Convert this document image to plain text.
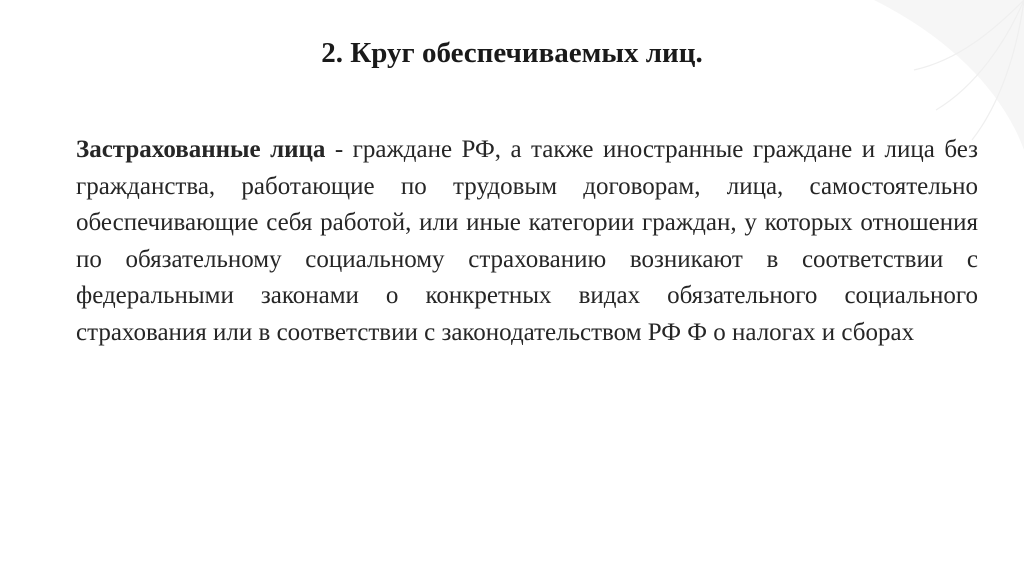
2. Круг обеспечиваемых лиц.

Застрахованные лица - граждане РФ, а также иностранные граждане и лица без гражданства, работающие по трудовым договорам, лица, самостоятельно обеспечивающие себя работой, или иные категории граждан, у которых отношения по обязательному социальному страхованию возникают в соответствии с федеральными законами о конкретных видах обязательного социального страхования или в соответствии с законодательством РФ Ф о налогах и сборах
